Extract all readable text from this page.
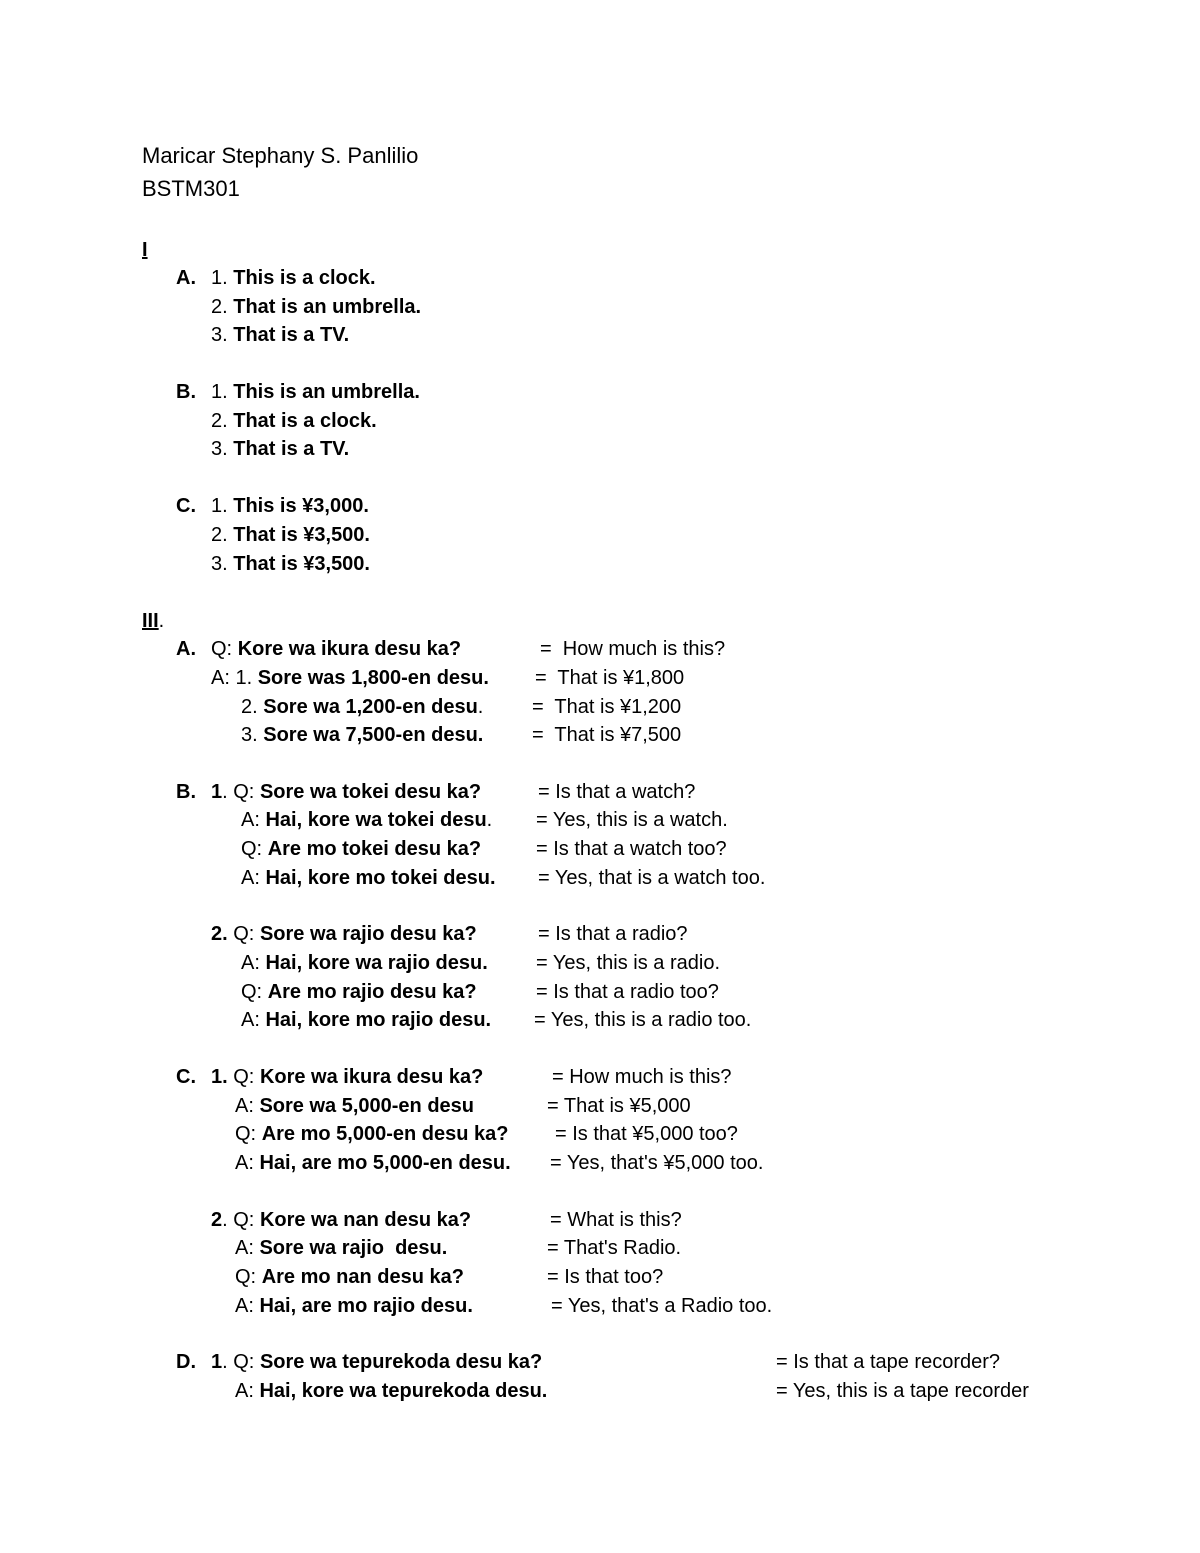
Maricar Stephany S. Panlilio
BSTM301
I
A. 1. This is a clock.
2. That is an umbrella.
3. That is a TV.
B. 1. This is an umbrella.
2. That is a clock.
3. That is a TV.
C. 1. This is ¥3,000.
2. That is ¥3,500.
3. That is ¥3,500.
III.
A. Q: Kore wa ikura desu ka?	=  How much is this?
A: 1. Sore was 1,800-en desu. =  That is ¥1,800
2. Sore wa 1,200-en desu. =  That is ¥1,200
3. Sore wa 7,500-en desu. =  That is ¥7,500
B. 1. Q: Sore wa tokei desu ka?	= Is that a watch?
A: Hai, kore wa tokei desu. = Yes, this is a watch.
Q: Are mo tokei desu ka?	= Is that a watch too?
A: Hai, kore mo tokei desu. = Yes, that is a watch too.
2. Q: Sore wa rajio desu ka?	= Is that a radio?
A: Hai, kore wa rajio desu. = Yes, this is a radio.
Q: Are mo rajio desu ka?	= Is that a radio too?
A: Hai, kore mo rajio desu. = Yes, this is a radio too.
C. 1. Q: Kore wa ikura desu ka?	= How much is this?
A: Sore wa 5,000-en desu	= That is ¥5,000
Q: Are mo 5,000-en desu ka? = Is that ¥5,000 too?
A: Hai, are mo 5,000-en desu. = Yes, that's ¥5,000 too.
2. Q: Kore wa nan desu ka?	= What is this?
A: Sore wa rajio  desu.	= That's Radio.
Q: Are mo nan desu ka?	= Is that too?
A: Hai, are mo rajio desu.	= Yes, that's a Radio too.
D. 1. Q: Sore wa tepurekoda desu ka?	= Is that a tape recorder?
A: Hai, kore wa tepurekoda desu.	= Yes, this is a tape recorder
